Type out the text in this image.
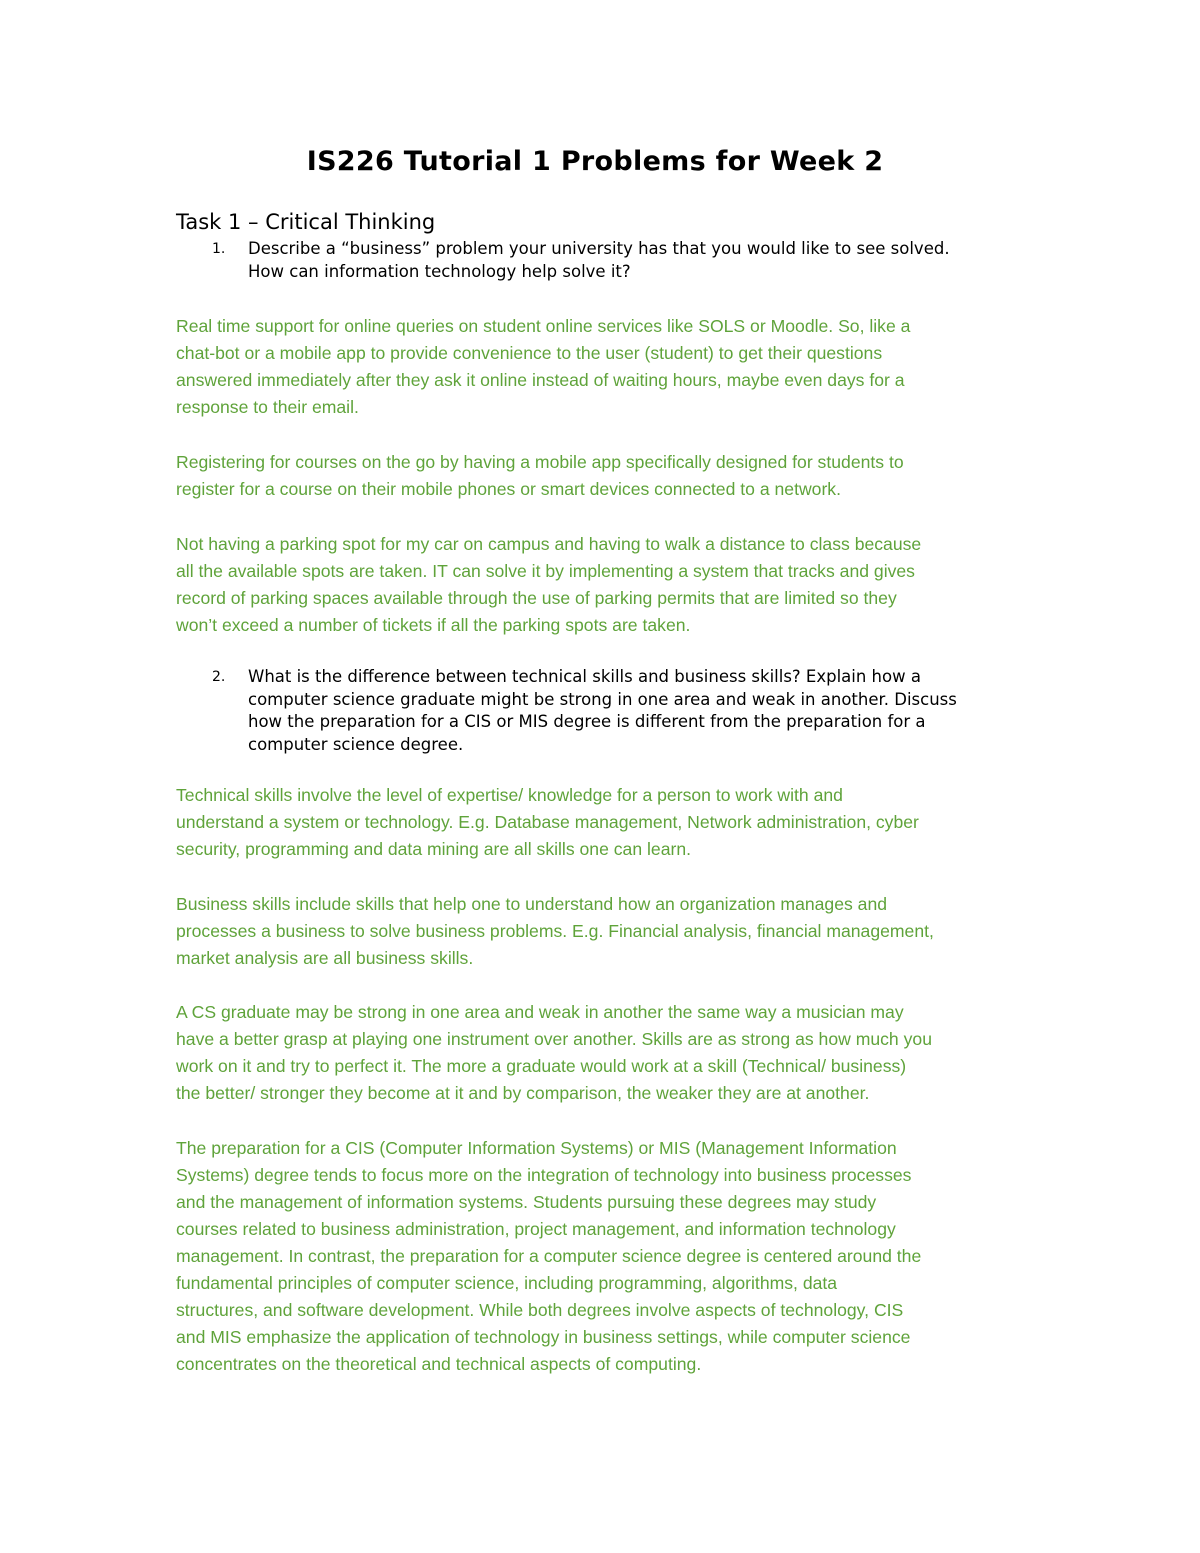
IS226 Tutorial 1 Problems for Week 2
Task 1 – Critical Thinking
1. Describe a “business” problem your university has that you would like to see solved.
How can information technology help solve it?

Real time support for online queries on student online services like SOLS or Moodle. So, like a
chat-bot or a mobile app to provide convenience to the user (student) to get their questions
answered immediately after they ask it online instead of waiting hours, maybe even days for a
response to their email.

Registering for courses on the go by having a mobile app specifically designed for students to
register for a course on their mobile phones or smart devices connected to a network.

Not having a parking spot for my car on campus and having to walk a distance to class because
all the available spots are taken. IT can solve it by implementing a system that tracks and gives
record of parking spaces available through the use of parking permits that are limited so they
won’t exceed a number of tickets if all the parking spots are taken.

2. What is the difference between technical skills and business skills? Explain how a
computer science graduate might be strong in one area and weak in another. Discuss
how the preparation for a CIS or MIS degree is different from the preparation for a
computer science degree.

Technical skills involve the level of expertise/ knowledge for a person to work with and
understand a system or technology. E.g. Database management, Network administration, cyber
security, programming and data mining are all skills one can learn.

Business skills include skills that help one to understand how an organization manages and
processes a business to solve business problems. E.g. Financial analysis, financial management,
market analysis are all business skills.

A CS graduate may be strong in one area and weak in another the same way a musician may
have a better grasp at playing one instrument over another. Skills are as strong as how much you
work on it and try to perfect it. The more a graduate would work at a skill (Technical/ business)
the better/ stronger they become at it and by comparison, the weaker they are at another.

The preparation for a CIS (Computer Information Systems) or MIS (Management Information
Systems) degree tends to focus more on the integration of technology into business processes
and the management of information systems. Students pursuing these degrees may study
courses related to business administration, project management, and information technology
management. In contrast, the preparation for a computer science degree is centered around the
fundamental principles of computer science, including programming, algorithms, data
structures, and software development. While both degrees involve aspects of technology, CIS
and MIS emphasize the application of technology in business settings, while computer science
concentrates on the theoretical and technical aspects of computing.
